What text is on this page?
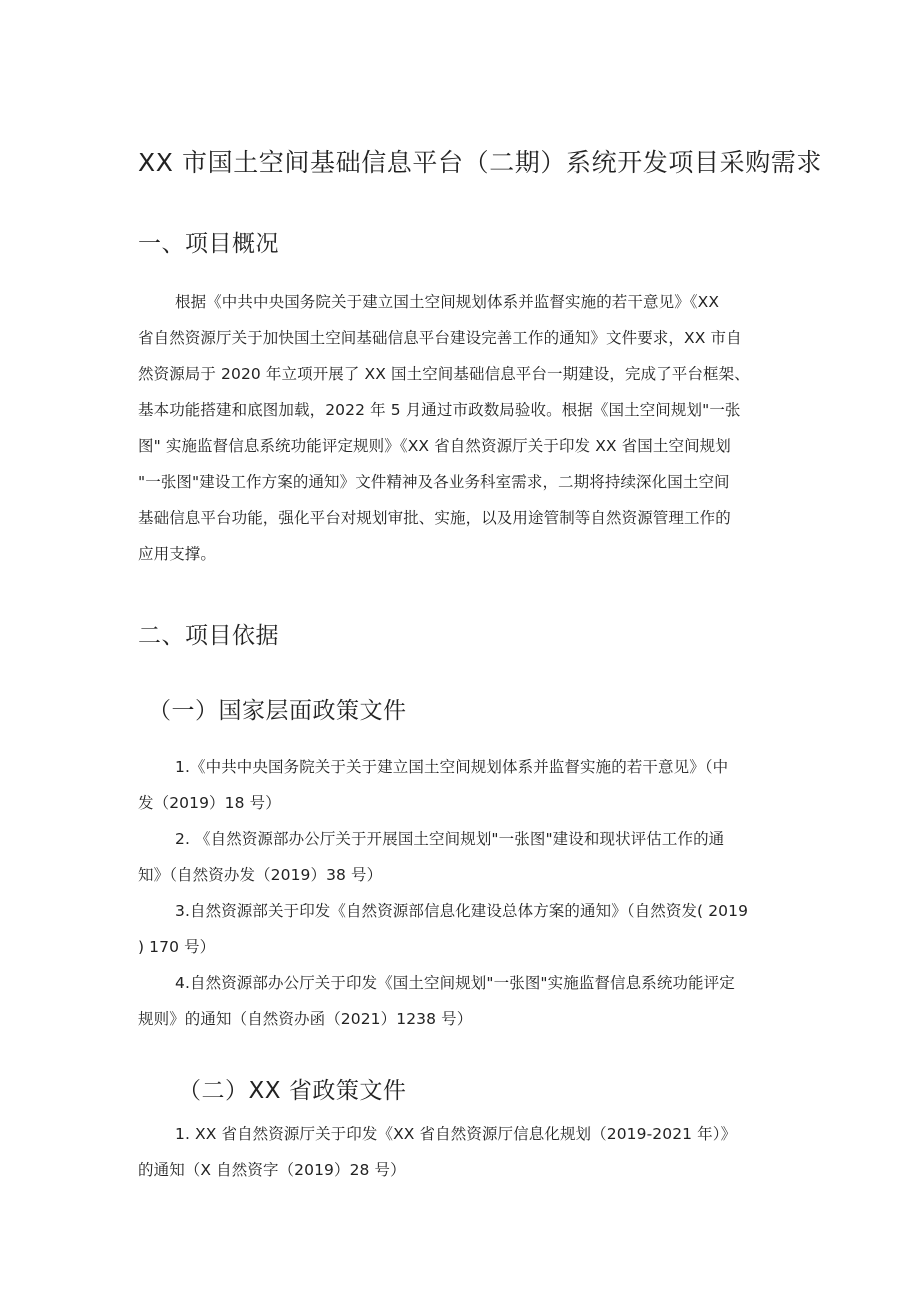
XX 市国土空间基础信息平台（二期）系统开发项目采购需求
一、项目概况
根据《中共中央国务院关于建立国土空间规划体系并监督实施的若干意见》《XX
省自然资源厅关于加快国土空间基础信息平台建设完善工作的通知》文件要求，XX 市自
然资源局于 2020 年立项开展了 XX 国土空间基础信息平台一期建设，完成了平台框架、
基本功能搭建和底图加载，2022 年 5 月通过市政数局验收。根据《国土空间规划"一张
图" 实施监督信息系统功能评定规则》《XX 省自然资源厅关于印发 XX 省国土空间规划
"一张图"建设工作方案的通知》文件精神及各业务科室需求，二期将持续深化国土空间
基础信息平台功能，强化平台对规划审批、实施，以及用途管制等自然资源管理工作的
应用支撑。
二、项目依据
（一）国家层面政策文件
1.《中共中央国务院关于关于建立国土空间规划体系并监督实施的若干意见》（中
发（2019）18 号）
2. 《自然资源部办公厅关于开展国土空间规划"一张图"建设和现状评估工作的通
知》（自然资办发（2019）38 号）
3.自然资源部关于印发《自然资源部信息化建设总体方案的通知》（自然资发( 2019
) 170 号）
4.自然资源部办公厅关于印发《国土空间规划"一张图"实施监督信息系统功能评定
规则》的通知（自然资办函（2021）1238 号）
（二）XX 省政策文件
1. XX 省自然资源厅关于印发《XX 省自然资源厅信息化规划（2019-2021 年）》
的通知（X 自然资字（2019）28 号）
